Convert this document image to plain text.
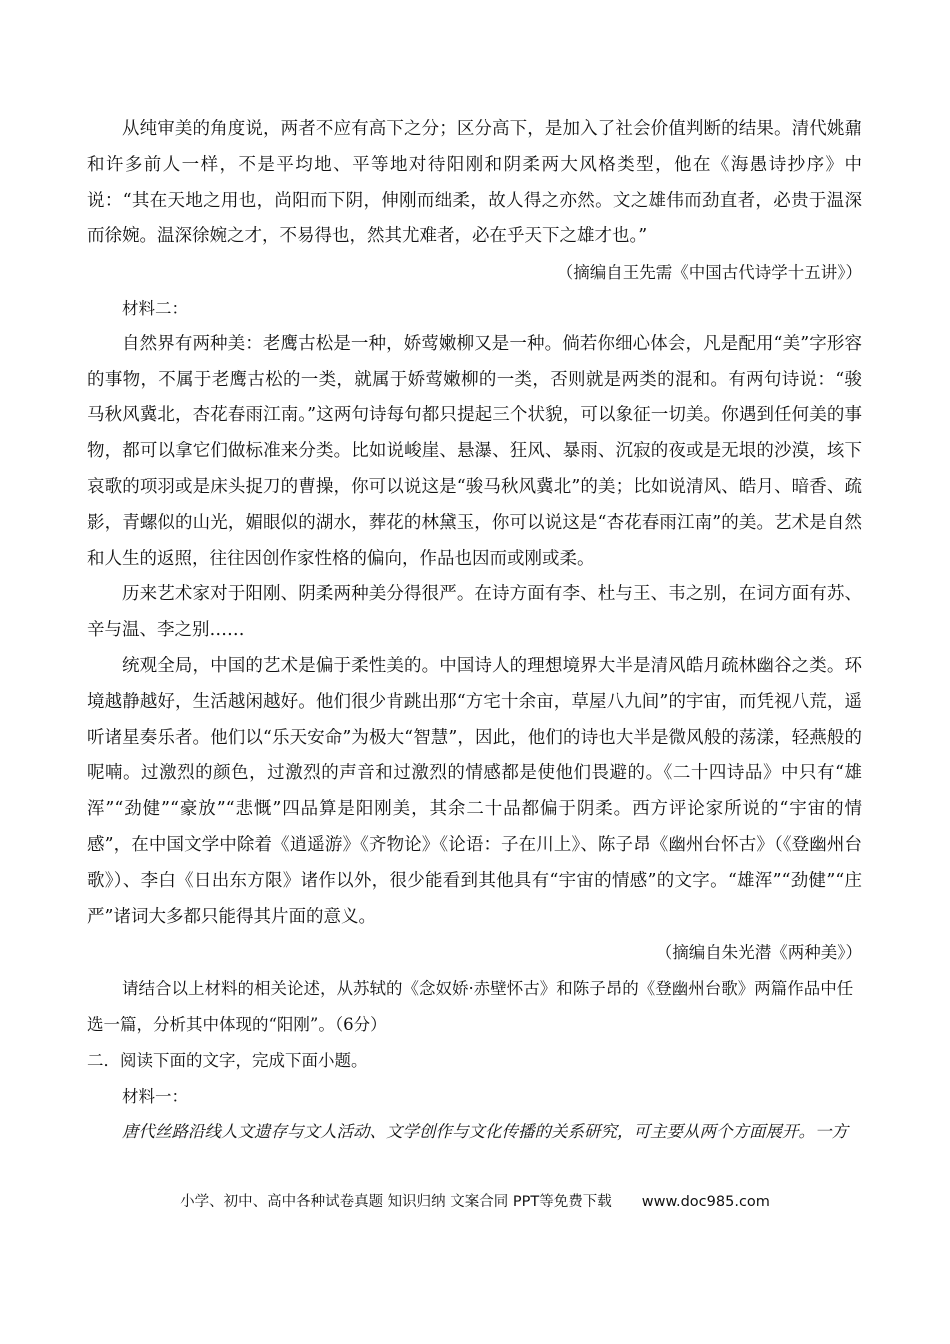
从纯审美的角度说，两者不应有高下之分；区分高下，是加入了社会价值判断的结果。清代姚鼐和许多前人一样，不是平均地、平等地对待阳刚和阴柔两大风格类型，他在《海愚诗抄序》中说：“其在天地之用也，尚阳而下阴，伸刚而绌柔，故人得之亦然。文之雄伟而劲直者，必贵于温深而徐婉。温深徐婉之才，不易得也，然其尤难者，必在乎天下之雄才也。”

（摘编自王先需《中国古代诗学十五讲》）

材料二：

自然界有两种美：老鹰古松是一种，娇莺嫩柳又是一种。倘若你细心体会，凡是配用“美”字形容的事物，不属于老鹰古松的一类，就属于娇莺嫩柳的一类，否则就是两类的混和。有两句诗说：“骏马秋风冀北，杏花春雨江南。”这两句诗每句都只提起三个状貌，可以象征一切美。你遇到任何美的事物，都可以拿它们做标准来分类。比如说峻崖、悬瀑、狂风、暴雨、沉寂的夜或是无垠的沙漠，垓下哀歌的项羽或是床头捉刀的曹操，你可以说这是“骏马秋风冀北”的美；比如说清风、皓月、暗香、疏影，青螺似的山光，媚眼似的湖水，葬花的林黛玉，你可以说这是“杏花春雨江南”的美。艺术是自然和人生的返照，往往因创作家性格的偏向，作品也因而或刚或柔。

历来艺术家对于阳刚、阴柔两种美分得很严。在诗方面有李、杜与王、韦之别，在词方面有苏、辛与温、李之别……

统观全局，中国的艺术是偏于柔性美的。中国诗人的理想境界大半是清风皓月疏林幽谷之类。环境越静越好，生活越闲越好。他们很少肯跳出那“方宅十余亩，草屋八九间”的宇宙，而凭视八荒，遥听诸星奏乐者。他们以“乐天安命”为极大“智慧”，因此，他们的诗也大半是微风般的荡漾，轻燕般的呢喃。过激烈的颜色，过激烈的声音和过激烈的情感都是使他们畏避的。《二十四诗品》中只有“雄浑”“劲健”“豪放”“悲慨”四品算是阳刚美，其余二十品都偏于阴柔。西方评论家所说的“宇宙的情感”，在中国文学中除着《逍遥游》《齐物论》《论语：子在川上》、陈子昂《幽州台怀古》（《登幽州台歌》）、李白《日出东方限》诸作以外，很少能看到其他具有“宇宙的情感”的文字。“雄浑”“劲健”“庄严”诸词大多都只能得其片面的意义。

（摘编自朱光潜《两种美》）

请结合以上材料的相关论述，从苏轼的《念奴娇·赤壁怀古》和陈子昂的《登幽州台歌》两篇作品中任选一篇，分析其中体现的“阳刚”。（6分）

二．阅读下面的文字，完成下面小题。

材料一：

唐代丝路沿线人文遗存与文人活动、文学创作与文化传播的关系研究，可主要从两个方面展开。一方

小学、初中、高中各种试卷真题 知识归纳 文案合同 PPT等免费下载 www.doc985.com
